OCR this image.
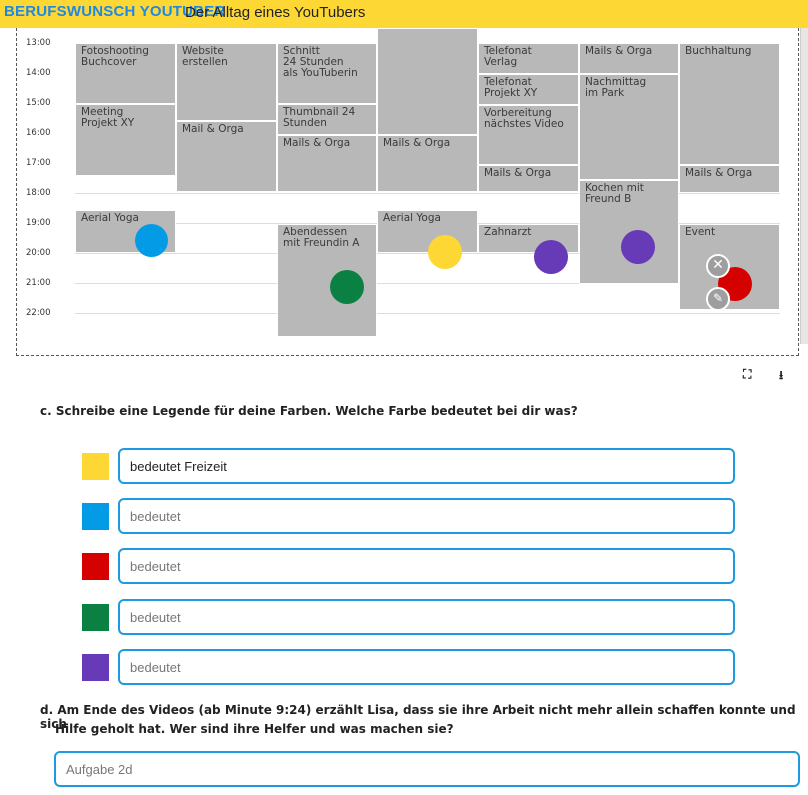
BERUFSWUNSCH YOUTUBER
Der Alltag eines YouTubers
13:00
14:00
15:00
16:00
17:00
18:00
19:00
20:00
21:00
22:00
Fotoshooting
Buchcover
Meeting
Projekt XY
Aerial Yoga
Website
erstellen
Mail & Orga
Schnitt
24 Stunden
als YouTuberin
Thumbnail 24
Stunden
Mails & Orga
Abendessen
mit Freundin A
Mails & Orga
Aerial Yoga
Telefonat
Verlag
Telefonat
Projekt XY
Vorbereitung
nächstes Video
Mails & Orga
Zahnarzt
Mails & Orga
Nachmittag
im Park
Kochen mit
Freund B
Buchhaltung
Mails & Orga
Event
✕
✎
⛶ ⭳
c. Schreibe eine Legende für deine Farben. Welche Farbe bedeutet bei dir was?
bedeutet Freizeit
bedeutet
bedeutet
bedeutet
bedeutet
d. Am Ende des Videos (ab Minute 9:24) erzählt Lisa, dass sie ihre Arbeit nicht mehr allein schaffen konnte und sich
Hilfe geholt hat. Wer sind ihre Helfer und was machen sie?
Aufgabe 2d
